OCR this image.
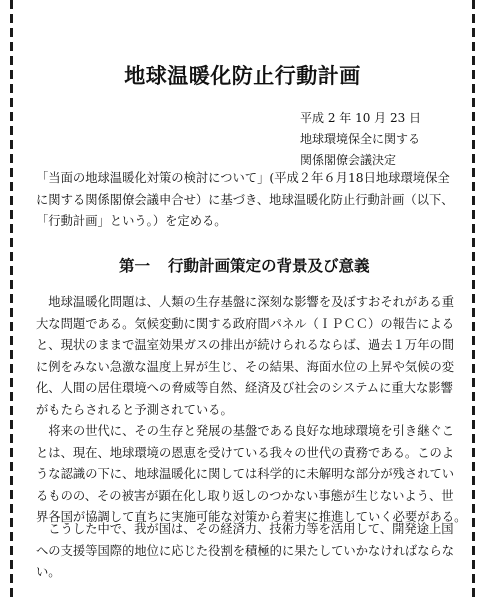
地球温暖化防止行動計画
平成 2 年 10 月 23 日
地球環境保全に関する
関係閣僚会議決定
「当面の地球温暖化対策の検討について」(平成２年６月18日地球環境保全
に関する関係閣僚会議申合せ）に基づき、地球温暖化防止行動計画（以下、
「行動計画」という。）を定める。
第一 行動計画策定の背景及び意義
　地球温暖化問題は、人類の生存基盤に深刻な影響を及ぼすおそれがある重
大な問題である。気候変動に関する政府間パネル（ＩＰＣＣ）の報告による
と、現状のままで温室効果ガスの排出が続けられるならば、過去１万年の間
に例をみない急激な温度上昇が生じ、その結果、海面水位の上昇や気候の変
化、人間の居住環境への脅威等自然、経済及び社会のシステムに重大な影響
がもたらされると予測されている。
　将来の世代に、その生存と発展の基盤である良好な地球環境を引き継ぐこ
とは、現在、地球環境の恩恵を受けている我々の世代の責務である。このよ
うな認識の下に、地球温暖化に関しては科学的に未解明な部分が残されてい
るものの、その被害が顕在化し取り返しのつかない事態が生じないよう、世
界各国が協調して直ちに実施可能な対策から着実に推進していく必要がある。
　こうした中で、我が国は、その経済力、技術力等を活用して、開発途上国
への支援等国際的地位に応じた役割を積極的に果たしていかなければならな
い。
